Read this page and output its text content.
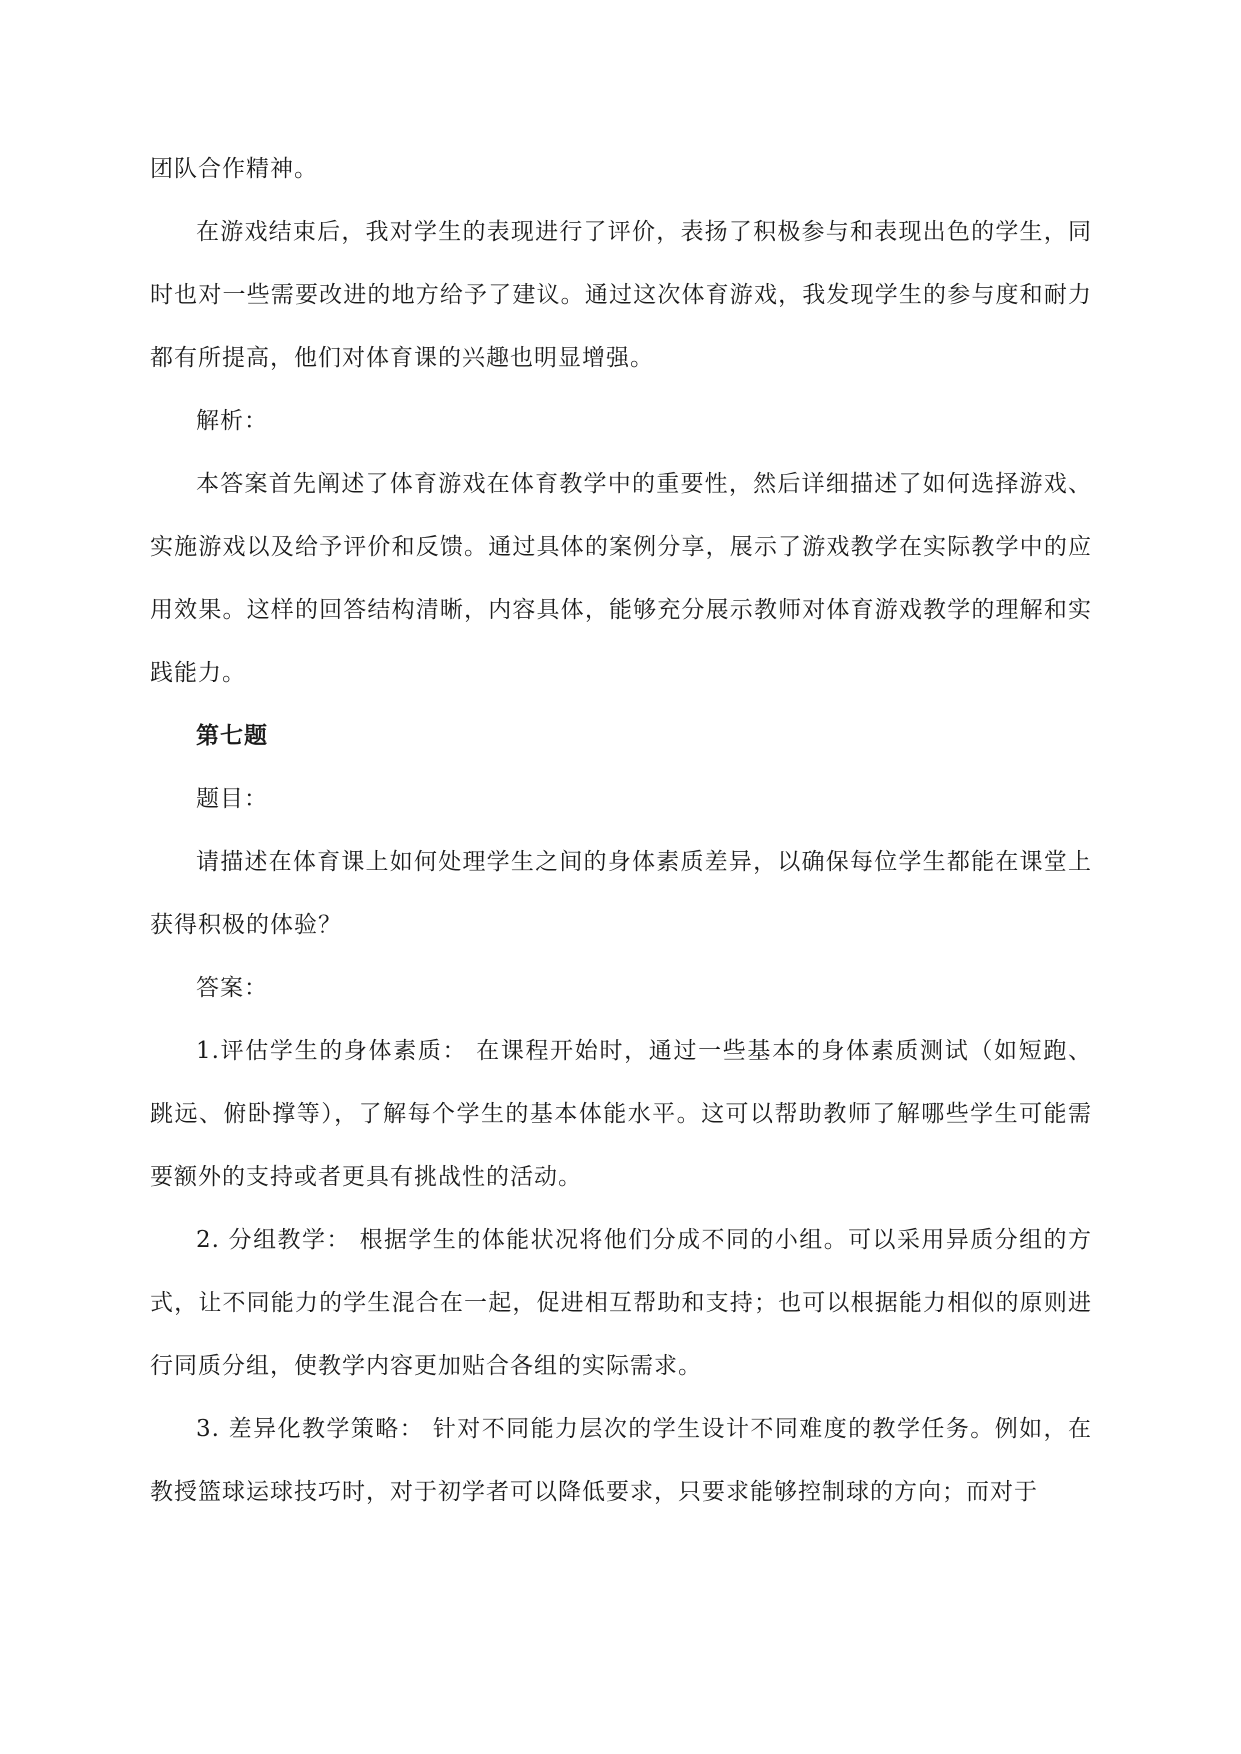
团队合作精神。

在游戏结束后，我对学生的表现进行了评价，表扬了积极参与和表现出色的学生，同时也对一些需要改进的地方给予了建议。通过这次体育游戏，我发现学生的参与度和耐力都有所提高，他们对体育课的兴趣也明显增强。

解析：

本答案首先阐述了体育游戏在体育教学中的重要性，然后详细描述了如何选择游戏、实施游戏以及给予评价和反馈。通过具体的案例分享，展示了游戏教学在实际教学中的应用效果。这样的回答结构清晰，内容具体，能够充分展示教师对体育游戏教学的理解和实践能力。

第七题

题目：

请描述在体育课上如何处理学生之间的身体素质差异，以确保每位学生都能在课堂上获得积极的体验？

答案：

1.评估学生的身体素质： 在课程开始时，通过一些基本的身体素质测试（如短跑、跳远、俯卧撑等），了解每个学生的基本体能水平。这可以帮助教师了解哪些学生可能需要额外的支持或者更具有挑战性的活动。

2. 分组教学： 根据学生的体能状况将他们分成不同的小组。可以采用异质分组的方式，让不同能力的学生混合在一起，促进相互帮助和支持；也可以根据能力相似的原则进行同质分组，使教学内容更加贴合各组的实际需求。

3. 差异化教学策略： 针对不同能力层次的学生设计不同难度的教学任务。例如，在教授篮球运球技巧时，对于初学者可以降低要求，只要求能够控制球的方向；而对于
